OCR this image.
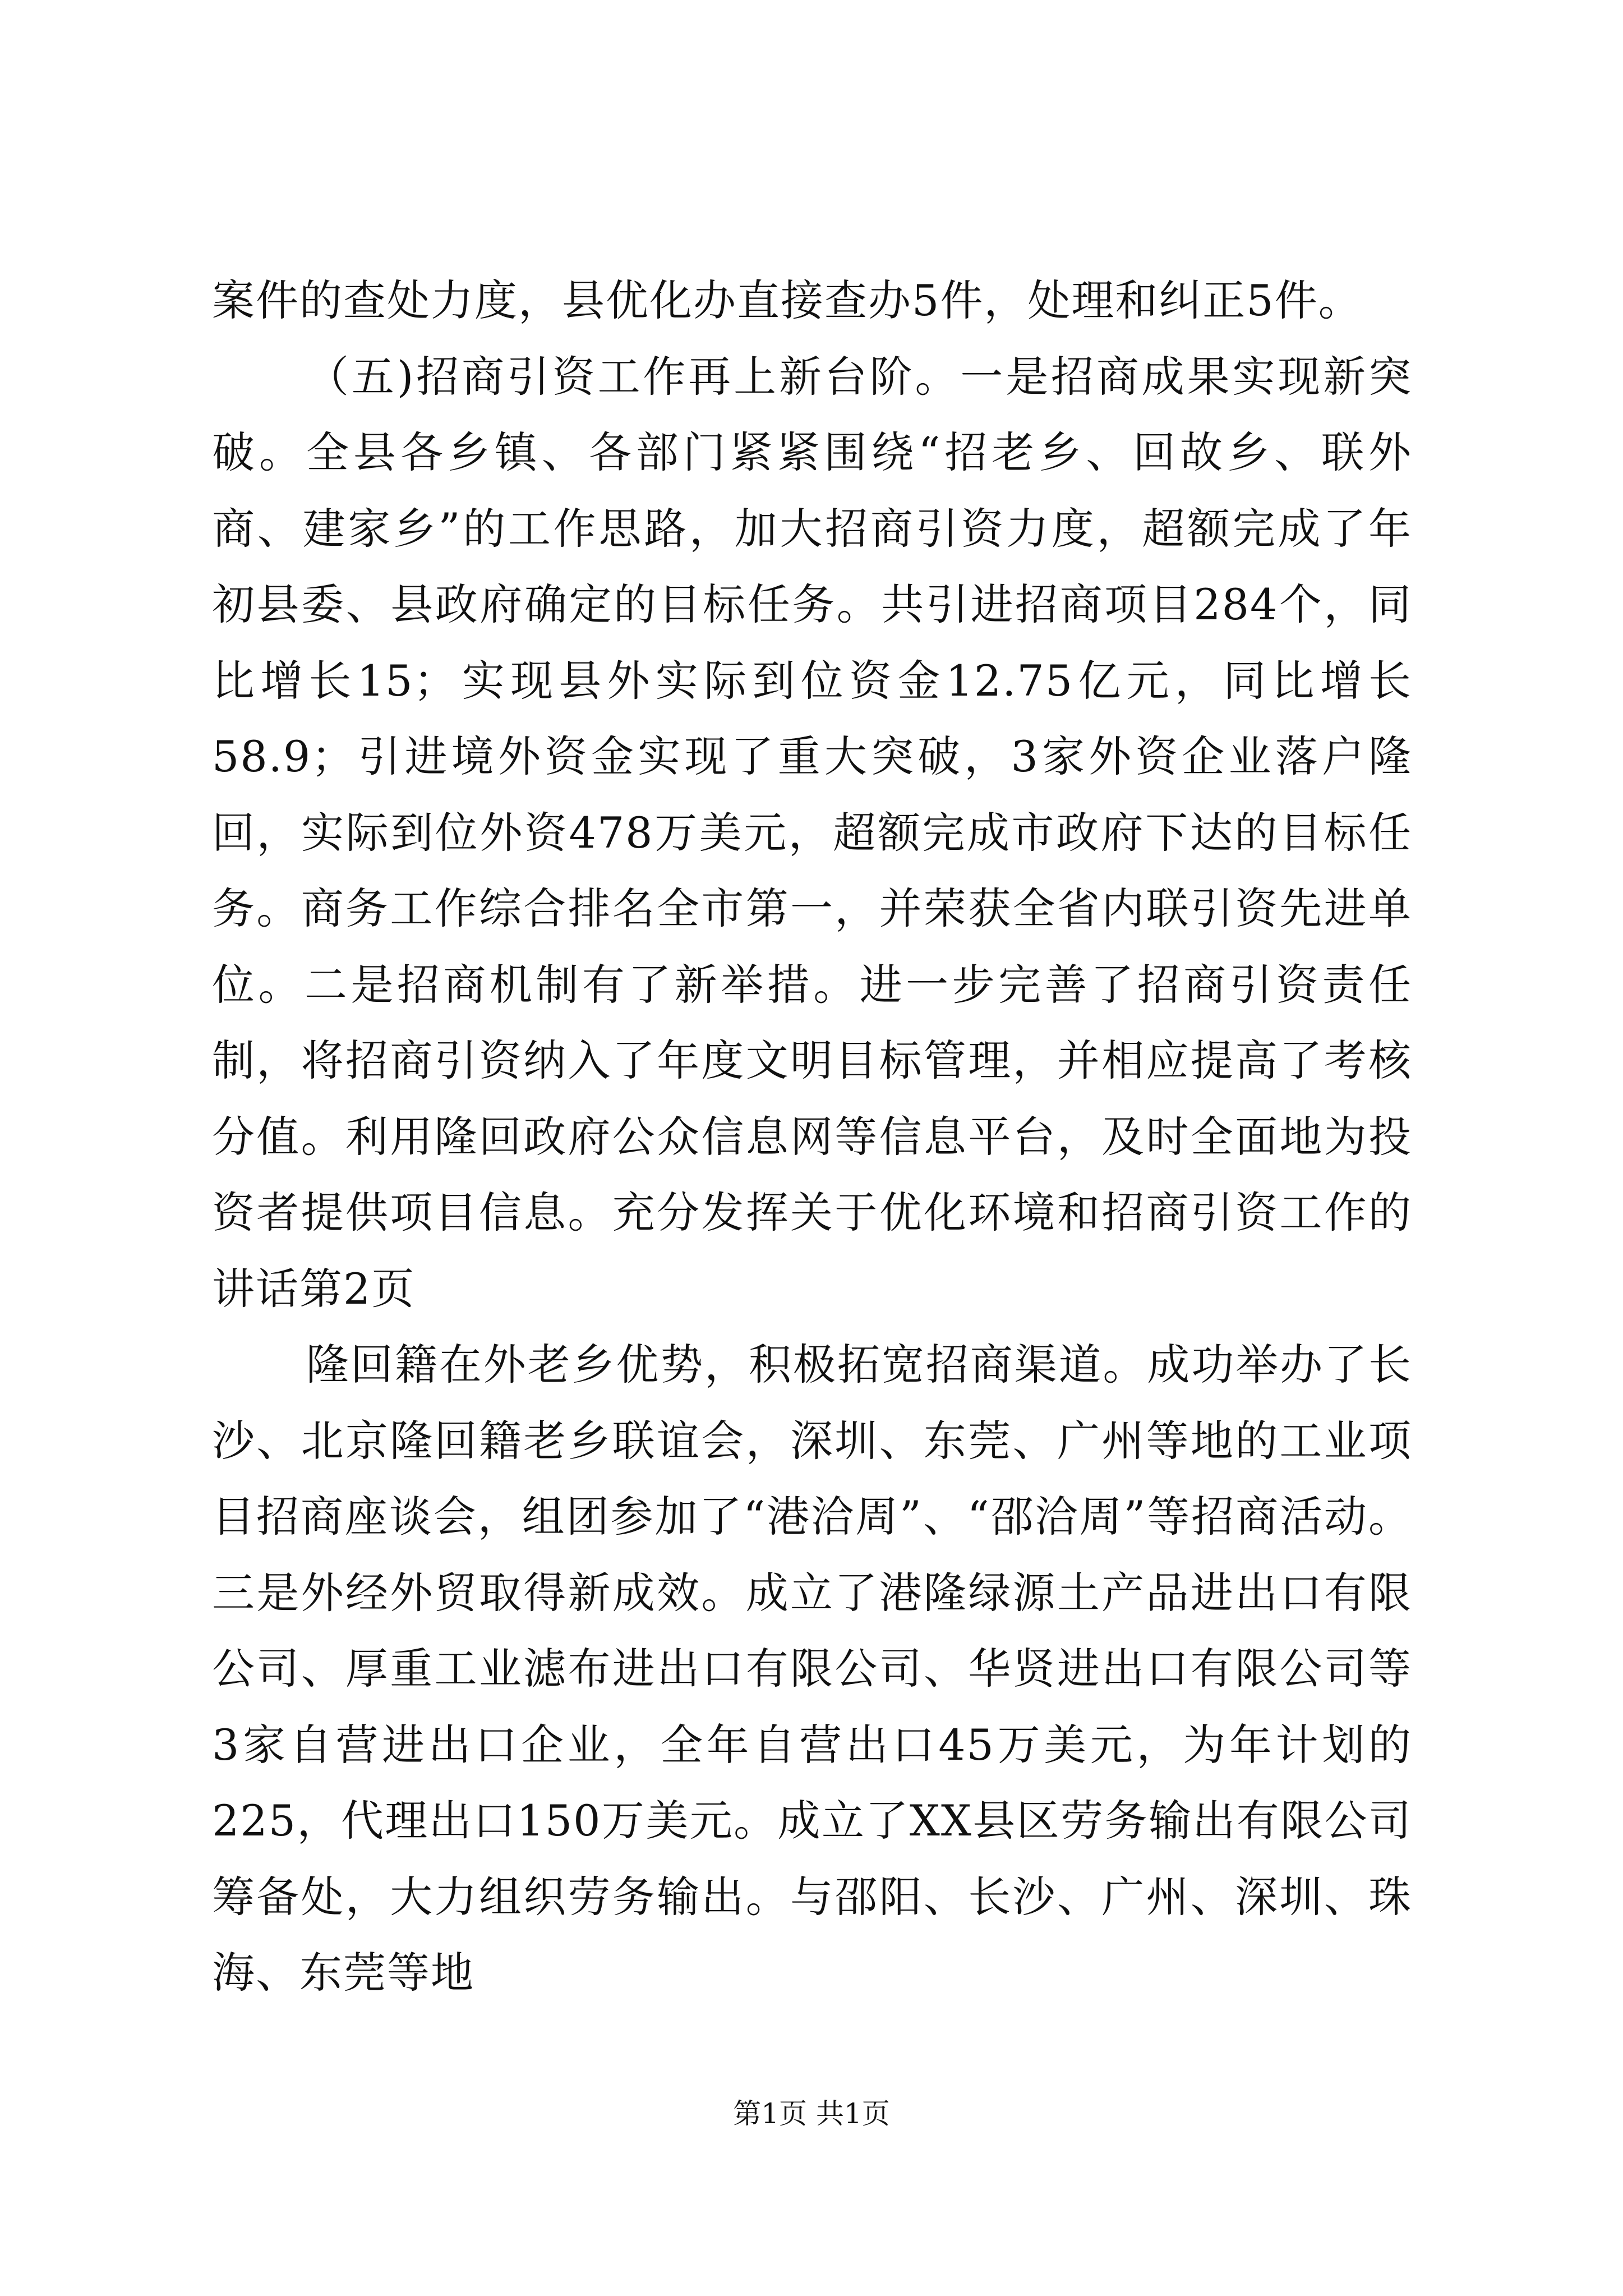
案件的查处力度，县优化办直接查办5件，处理和纠正5件。

（五)招商引资工作再上新台阶。一是招商成果实现新突破。全县各乡镇、各部门紧紧围绕“招老乡、回故乡、联外商、建家乡”的工作思路，加大招商引资力度，超额完成了年初县委、县政府确定的目标任务。共引进招商项目284个，同比增长15；实现县外实际到位资金12.75亿元，同比增长58.9；引进境外资金实现了重大突破，3家外资企业落户隆回，实际到位外资478万美元，超额完成市政府下达的目标任务。商务工作综合排名全市第一，并荣获全省内联引资先进单位。二是招商机制有了新举措。进一步完善了招商引资责任制，将招商引资纳入了年度文明目标管理，并相应提高了考核分值。利用隆回政府公众信息网等信息平台，及时全面地为投资者提供项目信息。充分发挥关于优化环境和招商引资工作的讲话第2页

隆回籍在外老乡优势，积极拓宽招商渠道。成功举办了长沙、北京隆回籍老乡联谊会，深圳、东莞、广州等地的工业项目招商座谈会，组团参加了“港洽周”、“邵洽周”等招商活动。三是外经外贸取得新成效。成立了港隆绿源土产品进出口有限公司、厚重工业滤布进出口有限公司、华贤进出口有限公司等3家自营进出口企业，全年自营出口45万美元，为年计划的225，代理出口150万美元。成立了XX县区劳务输出有限公司筹备处，大力组织劳务输出。与邵阳、长沙、广州、深圳、珠海、东莞等地

第1页 共1页
